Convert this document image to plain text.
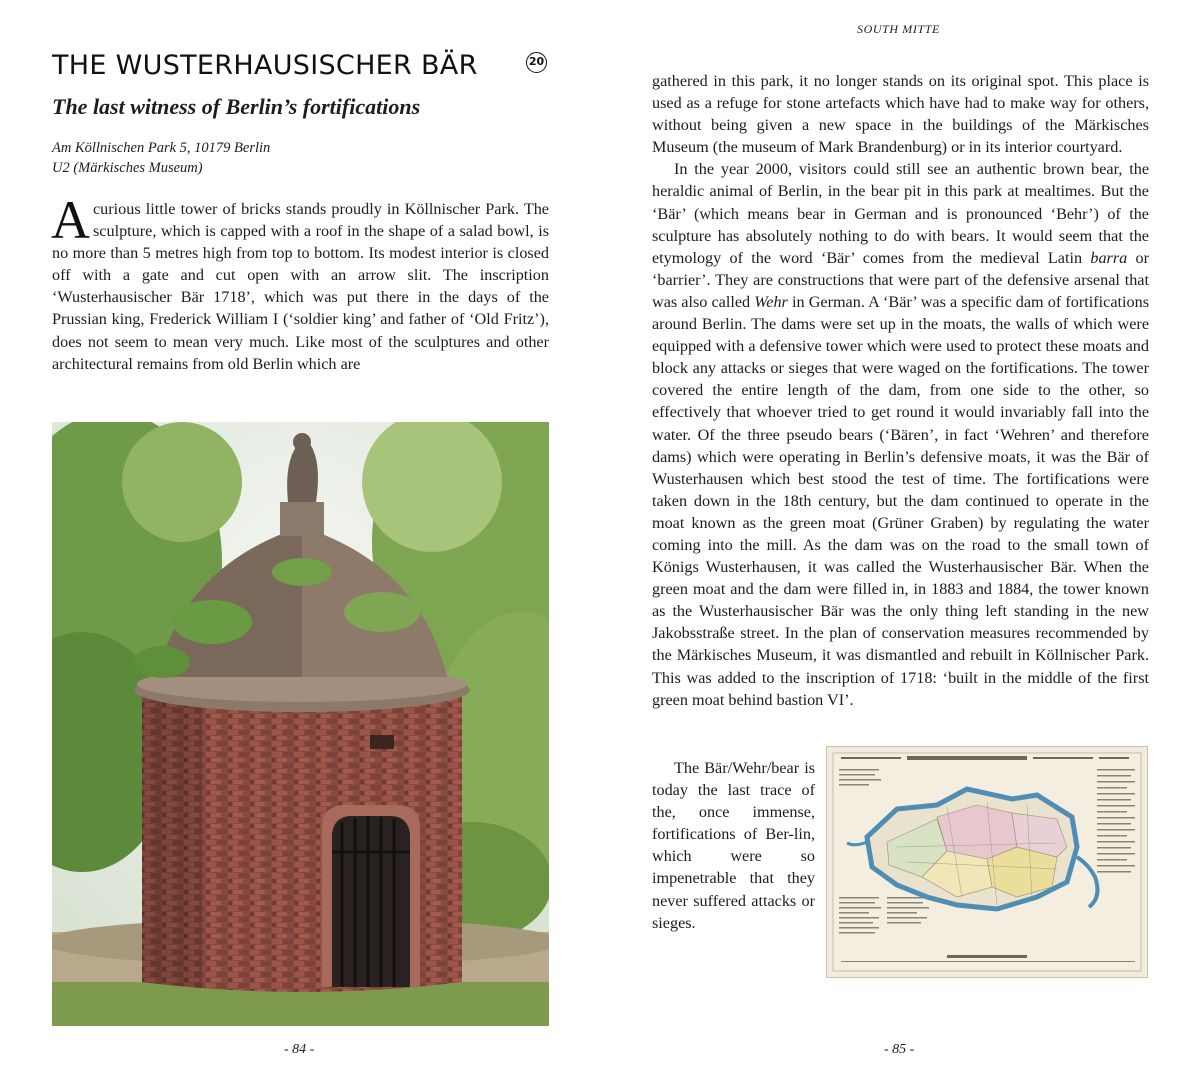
THE WUSTERHAUSISCHER BÄR	20
The last witness of Berlin’s fortifications
Am Köllnischen Park 5, 10179 Berlin
U2 (Märkisches Museum)

Acurious little tower of bricks stands proudly in Köllnischer Park. The sculpture, which is capped with a roof in the shape of a salad bowl, is no more than 5 metres high from top to bottom. Its modest interior is closed off with a gate and cut open with an arrow slit. The inscription ‘Wusterhausischer Bär 1718’, which was put there in the days of the Prussian king, Frederick William I (‘soldier king’ and father of ‘Old Fritz’), does not seem to mean very much. Like most of the sculptures and other architectural remains from old Berlin which are

- 84 -
SOUTH MITTE

gathered in this park, it no longer stands on its original spot. This place is used as a refuge for stone artefacts which have had to make way for others, without being given a new space in the buildings of the Märkisches Museum (the museum of Mark Brandenburg) or in its interior courtyard.

In the year 2000, visitors could still see an authentic brown bear, the heraldic animal of Berlin, in the bear pit in this park at mealtimes. But the ‘Bär’ (which means bear in German and is pronounced ‘Behr’) of the sculpture has absolutely nothing to do with bears. It would seem that the etymology of the word ‘Bär’ comes from the medieval Latin barra or ‘barrier’. They are constructions that were part of the defensive arsenal that was also called Wehr in German. A ‘Bär’ was a specific dam of fortifications around Berlin. The dams were set up in the moats, the walls of which were equipped with a defensive tower which were used to protect these moats and block any attacks or sieges that were waged on the fortifications. The tower covered the entire length of the dam, from one side to the other, so effectively that whoever tried to get round it would invariably fall into the water. Of the three pseudo bears (‘Bären’, in fact ‘Wehren’ and therefore dams) which were operating in Berlin’s defensive moats, it was the Bär of Wusterhausen which best stood the test of time. The fortifications were taken down in the 18th century, but the dam continued to operate in the moat known as the green moat (Grüner Graben) by regulating the water coming into the mill. As the dam was on the road to the small town of Königs Wusterhausen, it was called the Wusterhausischer Bär. When the green moat and the dam were filled in, in 1883 and 1884, the tower known as the Wusterhausischer Bär was the only thing left standing in the new Jakobsstraße street. In the plan of conservation measures recommended by the Märkisches Museum, it was dismantled and rebuilt in Köllnischer Park. This was added to the inscription of 1718: ‘built in the middle of the first green moat behind bastion VI’.

The Bär/Wehr/bear is today the last trace of the, once immense, fortifications of Ber-lin, which were so impenetrable that they never suffered attacks or sieges.

- 85 -
